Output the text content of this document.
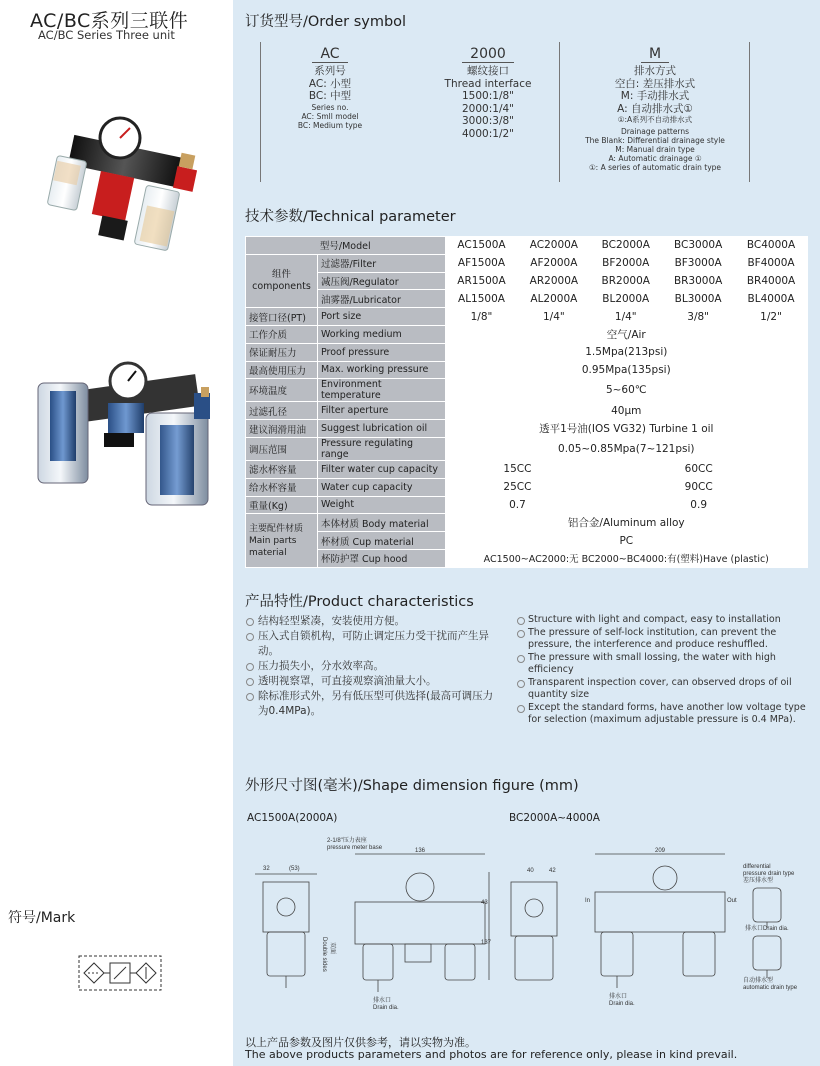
AC/BC系列三联件
AC/BC Series Three unit
符号/Mark
订货型号/Order symbol
AC
系列号
AC: 小型
BC: 中型
Series no.
AC: Smll model
BC: Medium type
2000
螺纹接口
Thread interface
1500:1/8"
2000:1/4"
3000:3/8"
4000:1/2"
M
排水方式
空白: 差压排水式
M: 手动排水式
A: 自动排水式①
①:A系列不自动排水式
Drainage patterns
The Blank: Differential drainage style
M: Manual drain type
A: Automatic drainage ①
①: A series of automatic drain type
技术参数/Technical parameter
型号/Model		AC1500A	AC2000A	BC2000A	BC3000A	BC4000A
组件
components	过滤器/Filter	AF1500A	AF2000A	BF2000A	BF3000A	BF4000A
	减压阀/Regulator	AR1500A	AR2000A	BR2000A	BR3000A	BR4000A
	油雾器/Lubricator	AL1500A	AL2000A	BL2000A	BL3000A	BL4000A
接管口径(PT)	Port size	1/8"	1/4"	1/4"	3/8"	1/2"
工作介质	Working medium	空气/Air				
保证耐压力	Proof pressure	1.5Mpa(213psi)				
最高使用压力	Max. working pressure	0.95Mpa(135psi)				
环境温度	Environment temperature	5~60℃				
过滤孔径	Filter aperture	40μm				
建议润滑用油	Suggest lubrication oil	透平1号油(IOS VG32) Turbine 1 oil				
调压范围	Pressure regulating range	0.05~0.85Mpa(7~121psi)				
滤水杯容量	Filter water cup capacity	15CC		60CC		
给水杯容量	Water cup capacity	25CC		90CC		
重量(Kg)	Weight	0.7		0.9		
主要配件材质
Main parts material	本体材质 Body material	铝合金/Aluminum alloy				
	杯材质 Cup material	PC				
	杯防护罩 Cup hood	AC1500~AC2000:无 BC2000~BC4000:有(塑料)Have (plastic)				
产品特性/Product characteristics
结构轻型紧凑，安装使用方便。
压入式自锁机构，可防止调定压力受干扰而产生异动。
压力损失小，分水效率高。
透明视察罩，可直接观察滴油量大小。
除标准形式外，另有低压型可供选择(最高可调压力为0.4MPa)。
Structure with light and compact, easy to installation
The pressure of self-lock institution, can prevent the pressure, the interference and produce reshuffled.
The pressure with small lossing, the water with high efficiency
Transparent inspection cover, can observed drops of oil quantity size
Except the standard forms, have another low voltage type for selection (maximum adjustable pressure is 0.4 MPa).
外形尺寸图(毫米)/Shape dimension figure (mm)
AC1500A(2000A)	BC2000A~4000A
32	(53)
2-1/8"压力表座
pressure meter base	136
43
137
排水口
Drain dia.
Double sides 双面
209
40	42
Out
In
排水口
Drain dia.
differential
pressure drain type
差压排水型
排水口Drain dia.
自动排水型
automatic drain type
以上产品参数及图片仅供参考，请以实物为准。
The above products parameters and photos are for reference only, please in kind prevail.
